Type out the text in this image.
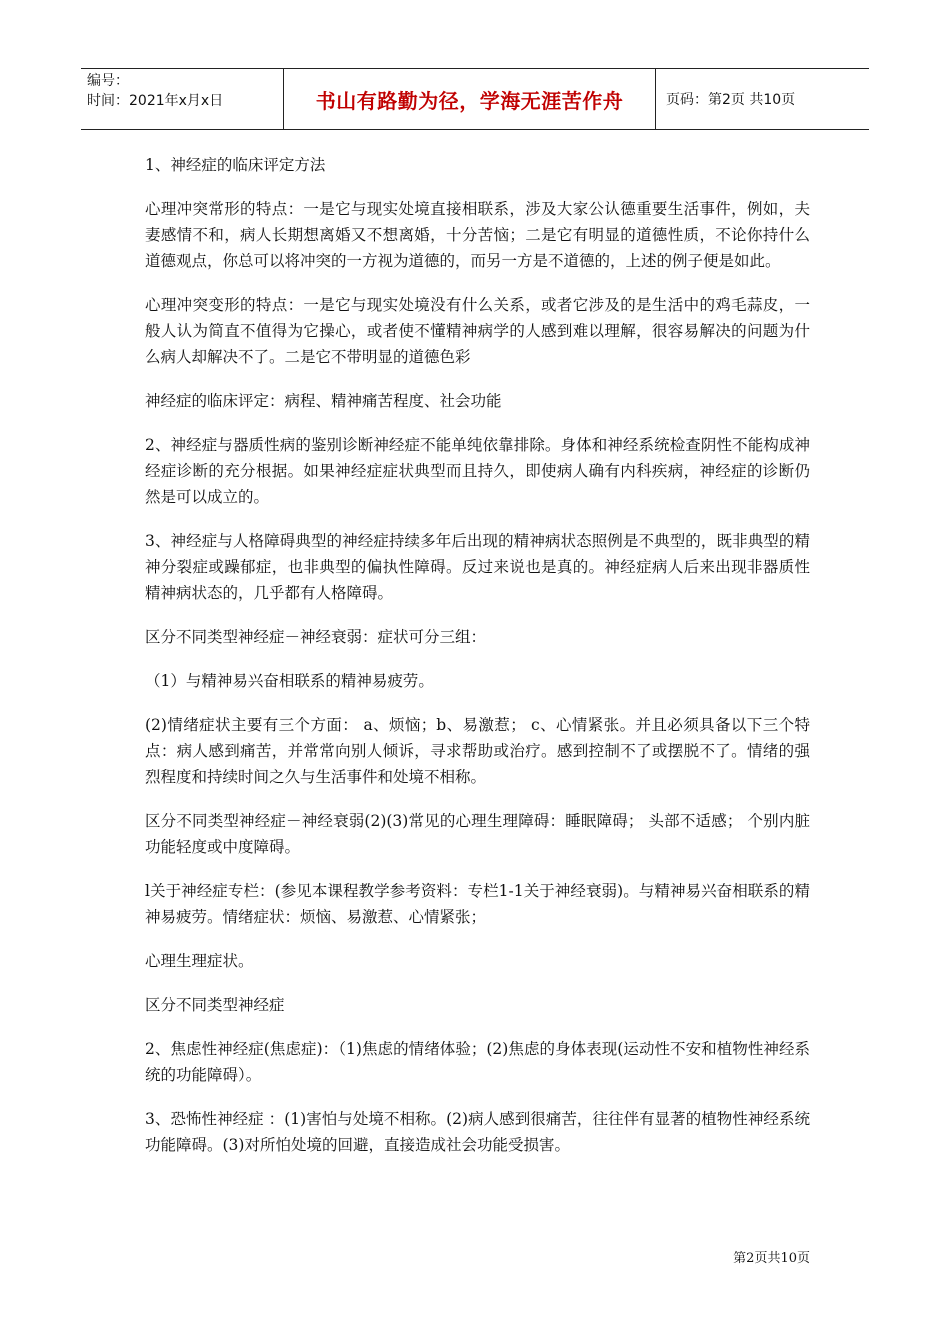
编号：
时间：2021年x月x日	书山有路勤为径，学海无涯苦作舟	页码：第2页 共10页

1、神经症的临床评定方法

心理冲突常形的特点：一是它与现实处境直接相联系，涉及大家公认德重要生活事件，例如，夫妻感情不和，病人长期想离婚又不想离婚，十分苦恼；二是它有明显的道德性质，不论你持什么道德观点，你总可以将冲突的一方视为道德的，而另一方是不道德的，上述的例子便是如此。

心理冲突变形的特点：一是它与现实处境没有什么关系，或者它涉及的是生活中的鸡毛蒜皮，一般人认为简直不值得为它操心，或者使不懂精神病学的人感到难以理解，很容易解决的问题为什么病人却解决不了。二是它不带明显的道德色彩

神经症的临床评定：病程、精神痛苦程度、社会功能

2、神经症与器质性病的鉴别诊断神经症不能单纯依靠排除。身体和神经系统检查阴性不能构成神经症诊断的充分根据。如果神经症症状典型而且持久，即使病人确有内科疾病，神经症的诊断仍然是可以成立的。

3、神经症与人格障碍典型的神经症持续多年后出现的精神病状态照例是不典型的，既非典型的精神分裂症或躁郁症，也非典型的偏执性障碍。反过来说也是真的。神经症病人后来出现非器质性精神病状态的，几乎都有人格障碍。

区分不同类型神经症－神经衰弱：症状可分三组：

（1）与精神易兴奋相联系的精神易疲劳。

(2)情绪症状主要有三个方面： a、烦恼；b、易激惹； c、心情紧张。并且必须具备以下三个特点：病人感到痛苦，并常常向别人倾诉，寻求帮助或治疗。感到控制不了或摆脱不了。情绪的强烈程度和持续时间之久与生活事件和处境不相称。

区分不同类型神经症－神经衰弱(2)(3)常见的心理生理障碍：睡眠障碍； 头部不适感； 个别内脏功能轻度或中度障碍。

l关于神经症专栏：(参见本课程教学参考资料：专栏1-1关于神经衰弱)。与精神易兴奋相联系的精神易疲劳。情绪症状：烦恼、易激惹、心情紧张；

心理生理症状。

区分不同类型神经症

2、焦虑性神经症(焦虑症)：（1)焦虑的情绪体验；(2)焦虑的身体表现(运动性不安和植物性神经系统的功能障碍）。

3、恐怖性神经症 ：(1)害怕与处境不相称。(2)病人感到很痛苦，往往伴有显著的植物性神经系统功能障碍。(3)对所怕处境的回避，直接造成社会功能受损害。

第2页共10页
